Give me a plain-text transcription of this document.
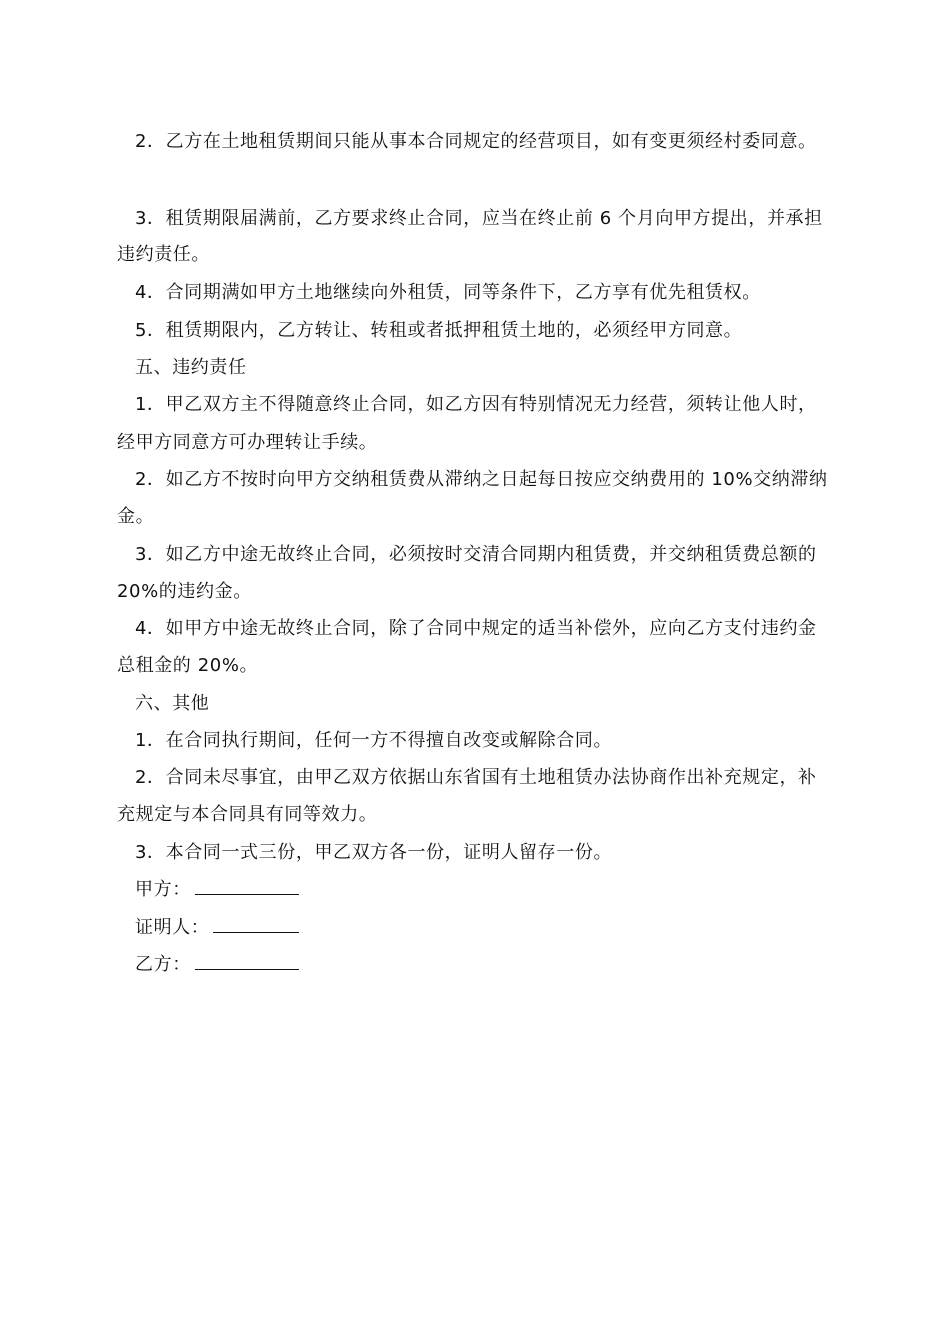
2．乙方在土地租赁期间只能从事本合同规定的经营项目，如有变更须经村委同意。
3．租赁期限届满前，乙方要求终止合同，应当在终止前 6 个月向甲方提出，并承担
违约责任。
4．合同期满如甲方土地继续向外租赁，同等条件下，乙方享有优先租赁权。
5．租赁期限内，乙方转让、转租或者抵押租赁土地的，必须经甲方同意。
五、违约责任
1．甲乙双方主不得随意终止合同，如乙方因有特别情况无力经营，须转让他人时，
经甲方同意方可办理转让手续。
2．如乙方不按时向甲方交纳租赁费从滞纳之日起每日按应交纳费用的 10%交纳滞纳
金。
3．如乙方中途无故终止合同，必须按时交清合同期内租赁费，并交纳租赁费总额的
20%的违约金。
4．如甲方中途无故终止合同，除了合同中规定的适当补偿外，应向乙方支付违约金
总租金的 20%。
六、其他
1．在合同执行期间，任何一方不得擅自改变或解除合同。
2．合同未尽事宜，由甲乙双方依据山东省国有土地租赁办法协商作出补充规定，补
充规定与本合同具有同等效力。
3．本合同一式三份，甲乙双方各一份，证明人留存一份。
甲方：
证明人：
乙方：
